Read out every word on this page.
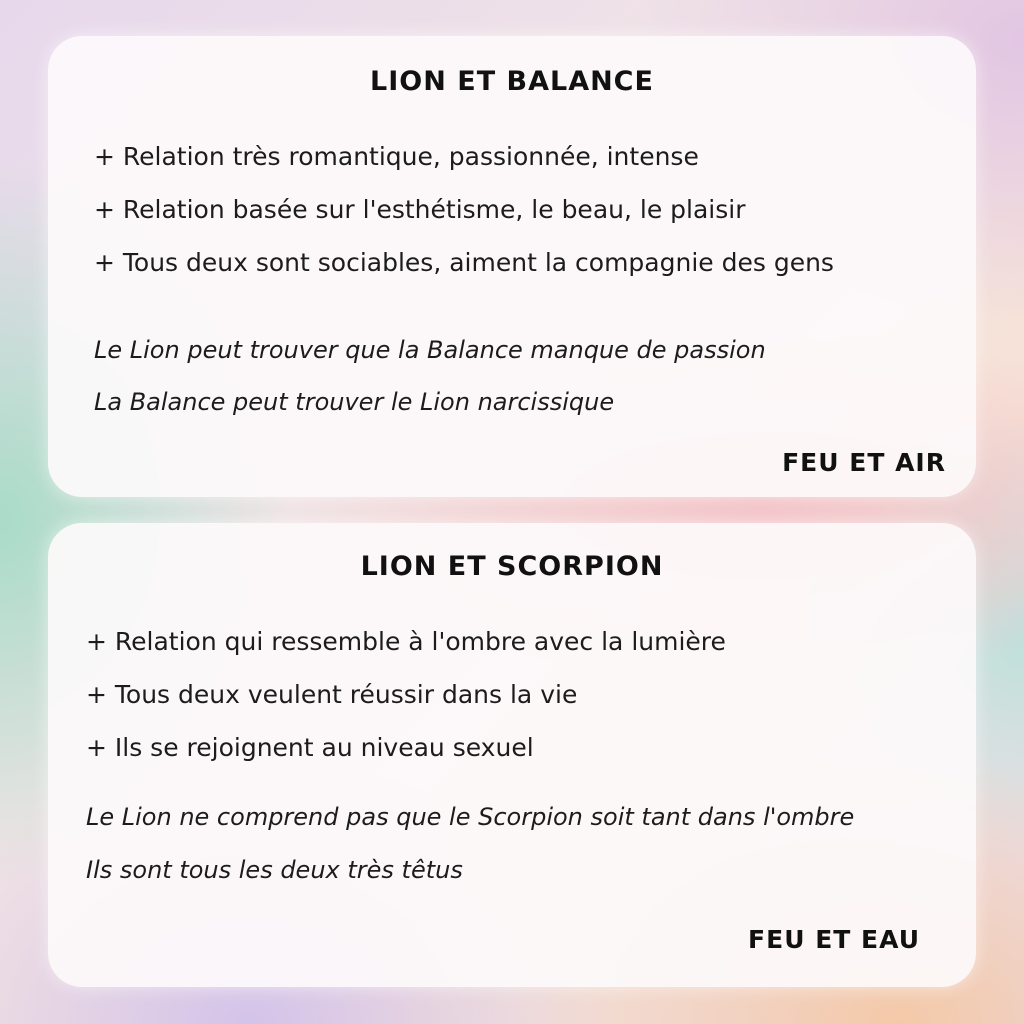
LION ET BALANCE
+ Relation très romantique, passionnée, intense
+ Relation basée sur l'esthétisme, le beau, le plaisir
+ Tous deux sont sociables, aiment la compagnie des gens
Le Lion peut trouver que la Balance manque de passion
La Balance peut trouver le Lion narcissique
FEU ET AIR
LION ET SCORPION
+ Relation qui ressemble à l'ombre avec la lumière
+ Tous deux veulent réussir dans la vie
+ Ils se rejoignent au niveau sexuel
Le Lion ne comprend pas que le Scorpion soit tant dans l'ombre
Ils sont tous les deux très têtus
FEU ET EAU
